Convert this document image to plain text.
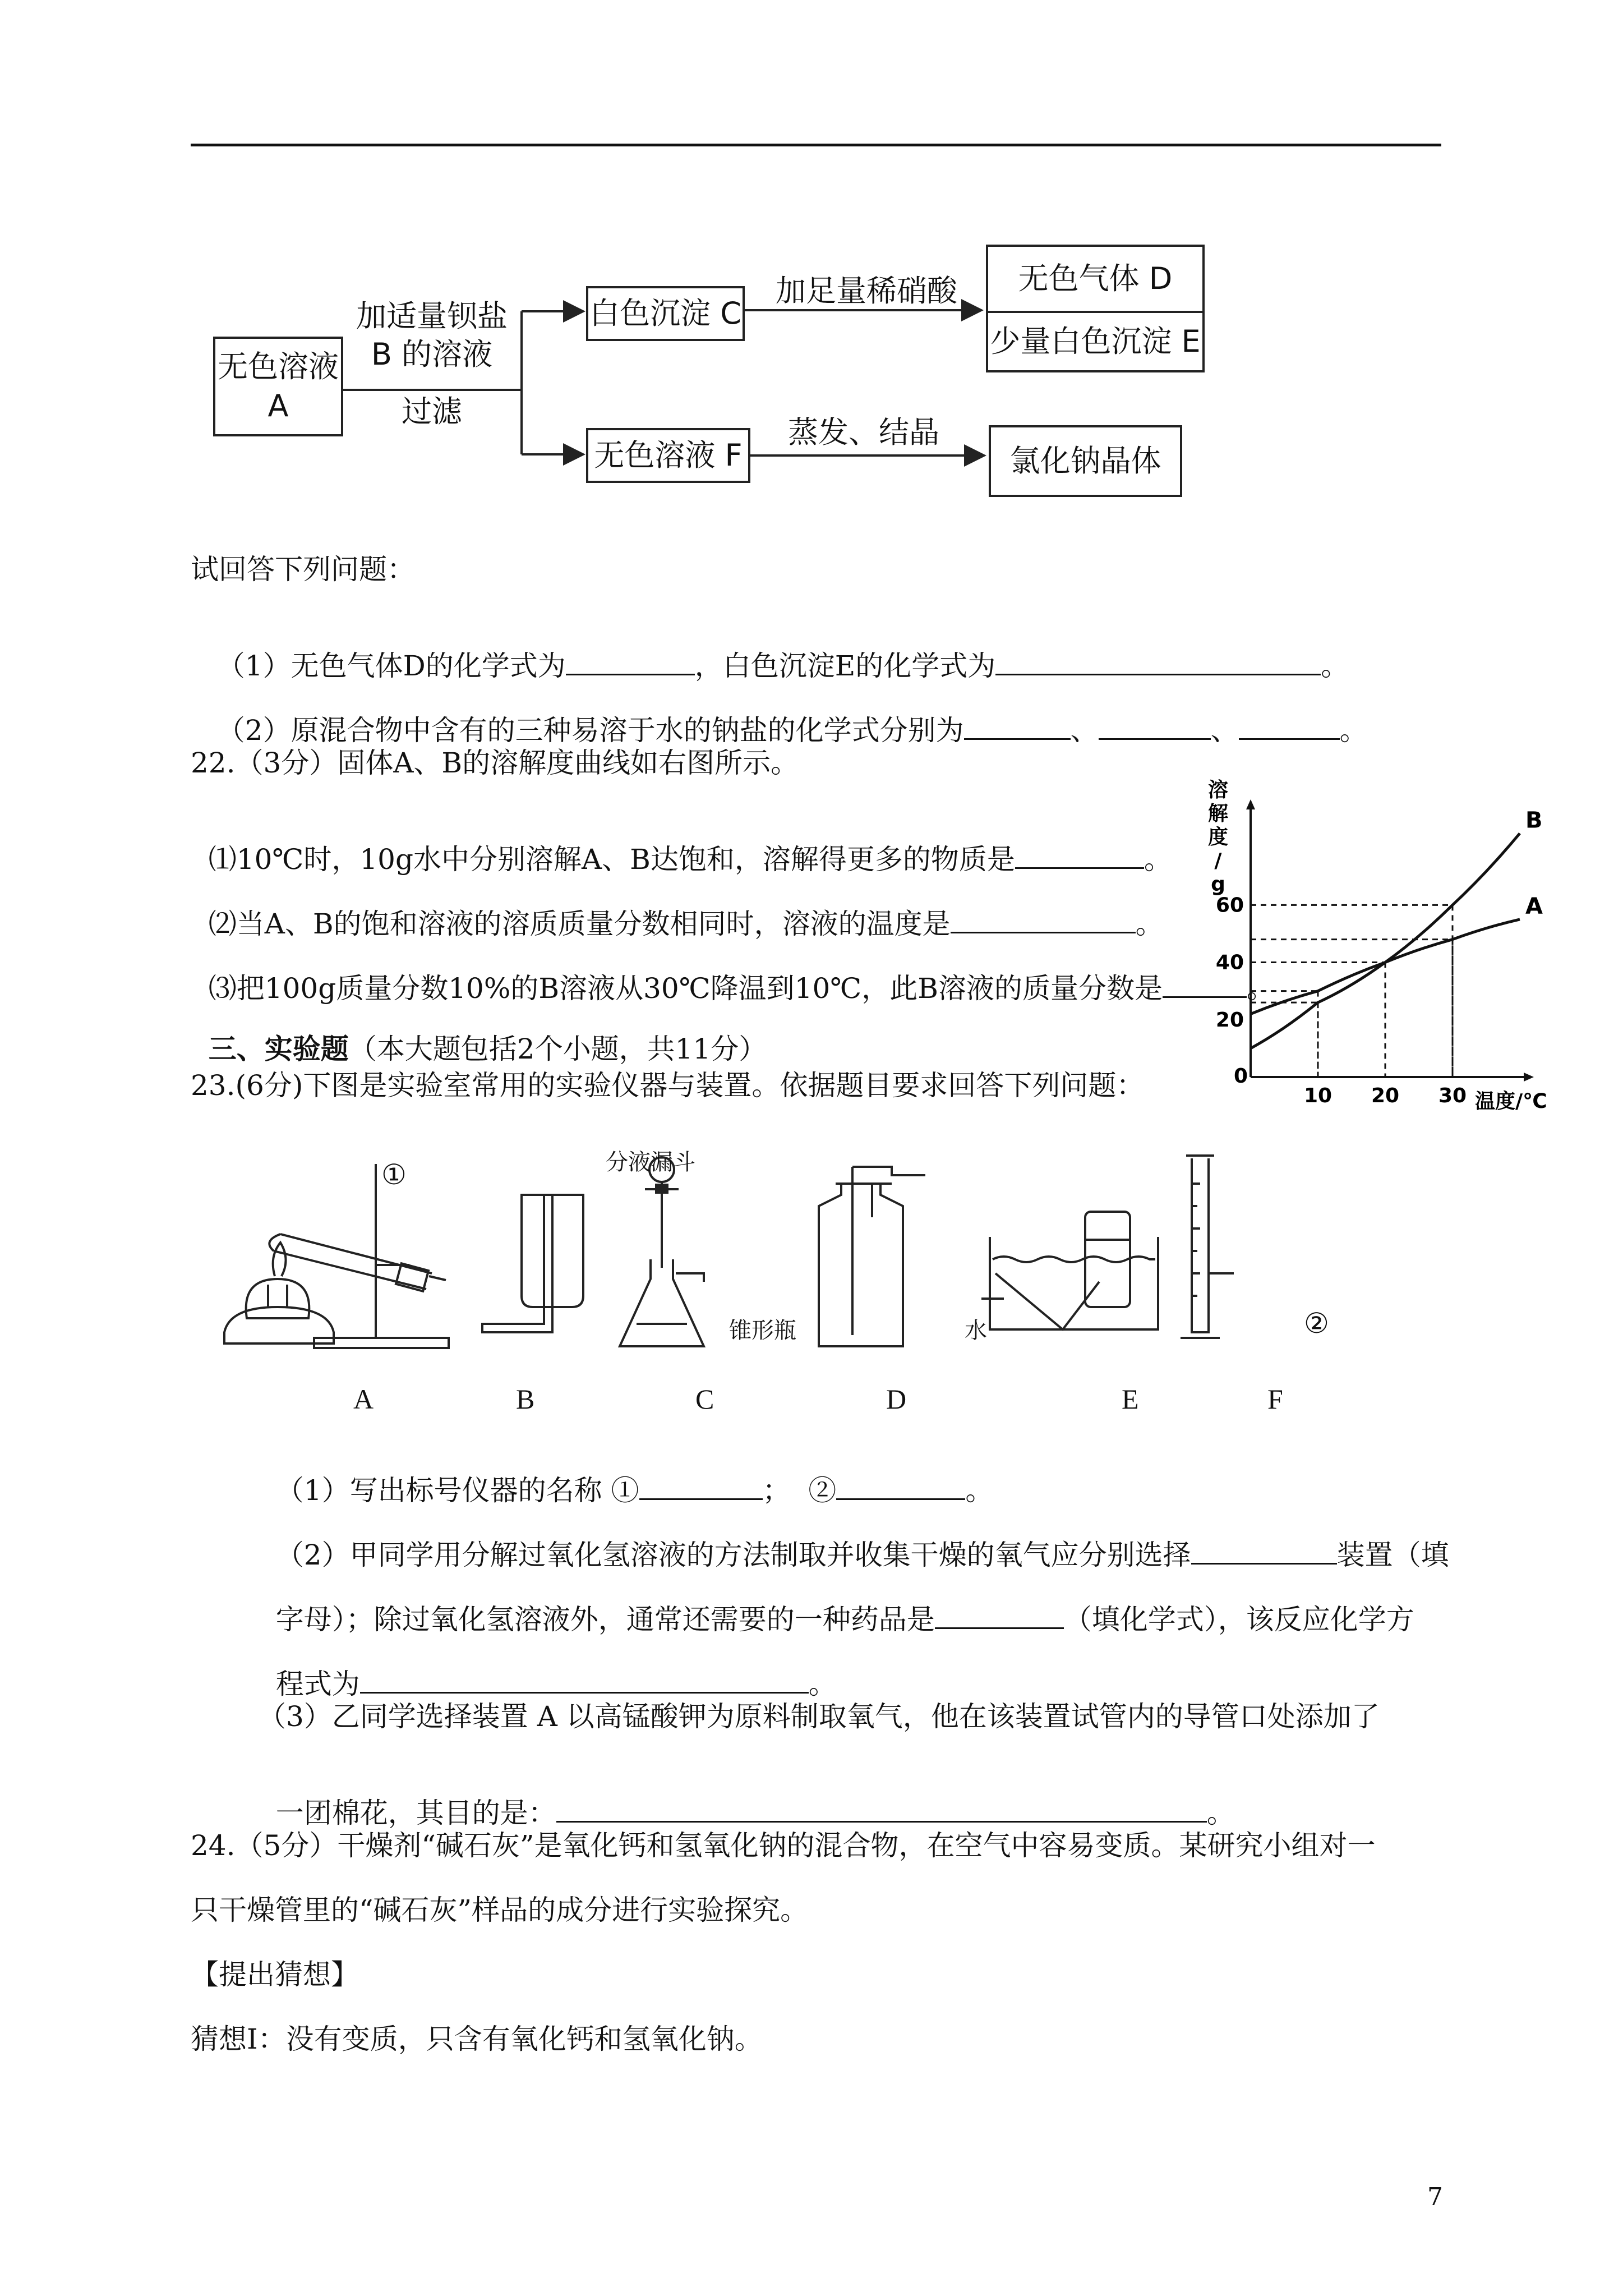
无色溶液
A
加适量钡盐
B 的溶液
过滤
白色沉淀 C
加足量稀硝酸	无色气体 D
少量白色沉淀 E
无色溶液 F
蒸发、结晶
氯化钠晶体
试回答下列问题：

（1）无色气体D的化学式为	，白色沉淀E的化学式为	。

（2）原混合物中含有的三种易溶于水的钠盐的化学式分别为	、	、	。

22.（3分）固体A、B的溶解度曲线如右图所示。

⑴10℃时，10g水中分别溶解A、B达饱和，溶解得更多的物质是	。

⑵当A、B的饱和溶液的溶质质量分数相同时，溶液的温度是	。

⑶把100g质量分数10%的B溶液从30℃降温到10℃，此B溶液的质量分数是	。

三、实验题（本大题包括2个小题，共11分）

23.(6分)下图是实验室常用的实验仪器与装置。依据题目要求回答下列问题：
溶
解
度
/
g
温度/℃
0
10 20 30
20
40
60	A
B
①	分液漏斗
锥形瓶	水	②
A	B	C	D	E	F

（1）写出标号仪器的名称 ①	；  ②	。

（2）甲同学用分解过氧化氢溶液的方法制取并收集干燥的氧气应分别选择	装置（填

字母）；除过氧化氢溶液外，通常还需要的一种药品是	（填化学式），该反应化学方

程式为	。

（3）乙同学选择装置 A 以高锰酸钾为原料制取氧气，他在该装置试管内的导管口处添加了

一团棉花，其目的是：	。

24.（5分）干燥剂“碱石灰”是氧化钙和氢氧化钠的混合物，在空气中容易变质。某研究小组对一
只干燥管里的“碱石灰”样品的成分进行实验探究。
【提出猜想】
猜想Ⅰ：没有变质，只含有氧化钙和氢氧化钠。
7
